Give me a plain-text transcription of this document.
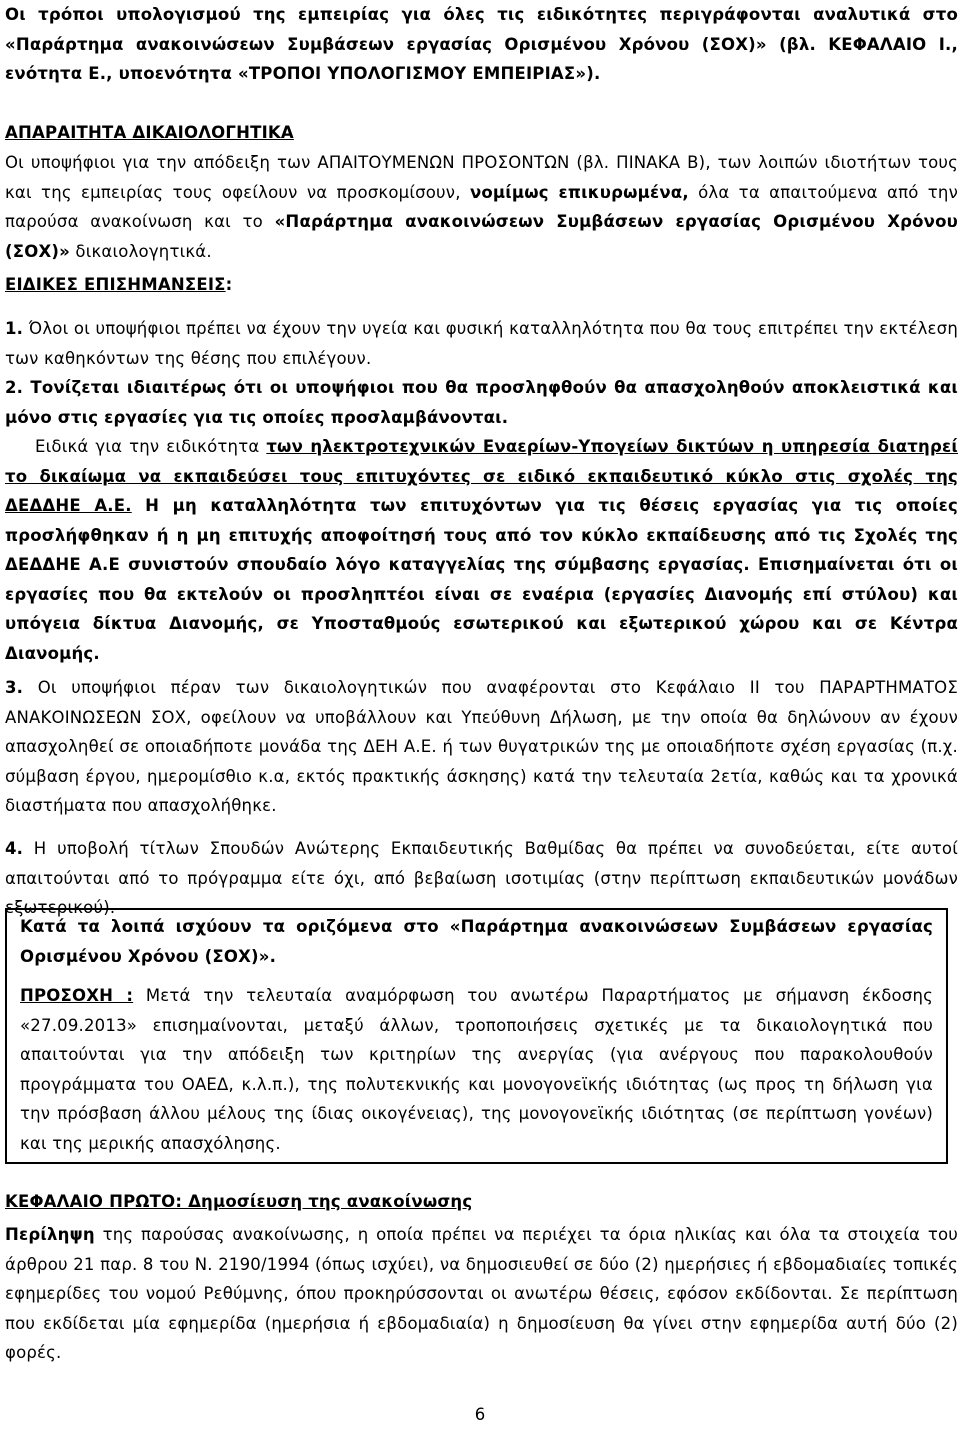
Οι τρόποι υπολογισμού της εμπειρίας για όλες τις ειδικότητες περιγράφονται αναλυτικά στο «Παράρτημα ανακοινώσεων Συμβάσεων εργασίας Ορισμένου Χρόνου (ΣΟΧ)» (βλ. ΚΕΦΑΛΑΙΟ Ι., ενότητα Ε., υποενότητα «ΤΡΟΠΟΙ ΥΠΟΛΟΓΙΣΜΟΥ ΕΜΠΕΙΡΙΑΣ»).

ΑΠΑΡΑΙΤΗΤΑ ΔΙΚΑΙΟΛΟΓΗΤΙΚΑ

Οι υποψήφιοι για την απόδειξη των ΑΠΑΙΤΟΥΜΕΝΩΝ ΠΡΟΣΟΝΤΩΝ (βλ. ΠΙΝΑΚΑ Β), των λοιπών ιδιοτήτων τους και της εμπειρίας τους οφείλουν να προσκομίσουν, νομίμως επικυρωμένα, όλα τα απαιτούμενα από την παρούσα ανακοίνωση και το «Παράρτημα ανακοινώσεων Συμβάσεων εργασίας Ορισμένου Χρόνου (ΣΟΧ)» δικαιολογητικά.

ΕΙΔΙΚΕΣ ΕΠΙΣΗΜΑΝΣΕΙΣ:

1. Όλοι οι υποψήφιοι πρέπει να έχουν την υγεία και φυσική καταλληλότητα που θα τους επιτρέπει την εκτέλεση των καθηκόντων της θέσης που επιλέγουν.

2. Τονίζεται ιδιαιτέρως ότι οι υποψήφιοι που θα προσληφθούν θα απασχοληθούν αποκλειστικά και μόνο στις εργασίες για τις οποίες προσλαμβάνονται.

Ειδικά για την ειδικότητα των ηλεκτροτεχνικών Εναερίων-Υπογείων δικτύων η υπηρεσία διατηρεί το δικαίωμα να εκπαιδεύσει τους επιτυχόντες σε ειδικό εκπαιδευτικό κύκλο στις σχολές της ΔΕΔΔΗΕ Α.Ε. Η μη καταλληλότητα των επιτυχόντων για τις θέσεις εργασίας για τις οποίες προσλήφθηκαν ή η μη επιτυχής αποφοίτησή τους από τον κύκλο εκπαίδευσης από τις Σχολές της ΔΕΔΔΗΕ Α.Ε συνιστούν σπουδαίο λόγο καταγγελίας της σύμβασης εργασίας. Επισημαίνεται ότι οι εργασίες που θα εκτελούν οι προσληπτέοι είναι σε εναέρια (εργασίες Διανομής επί στύλου) και υπόγεια δίκτυα Διανομής, σε Υποσταθμούς εσωτερικού και εξωτερικού χώρου και σε Κέντρα Διανομής.

3. Οι υποψήφιοι πέραν των δικαιολογητικών που αναφέρονται στο Κεφάλαιο ΙΙ του ΠΑΡΑΡΤΗΜΑΤΟΣ ΑΝΑΚΟΙΝΩΣΕΩΝ ΣΟΧ, οφείλουν να υποβάλλουν και Υπεύθυνη Δήλωση, με την οποία θα δηλώνουν αν έχουν απασχοληθεί σε οποιαδήποτε μονάδα της ΔΕΗ Α.Ε. ή των θυγατρικών της με οποιαδήποτε σχέση εργασίας (π.χ. σύμβαση έργου, ημερομίσθιο κ.α, εκτός πρακτικής άσκησης) κατά την τελευταία 2ετία, καθώς και τα χρονικά διαστήματα που απασχολήθηκε.

4. Η υποβολή τίτλων Σπουδών Ανώτερης Εκπαιδευτικής Βαθμίδας θα πρέπει να συνοδεύεται, είτε αυτοί απαιτούνται από το πρόγραμμα είτε όχι, από βεβαίωση ισοτιμίας (στην περίπτωση εκπαιδευτικών μονάδων εξωτερικού).

Κατά τα λοιπά ισχύουν τα οριζόμενα στο «Παράρτημα ανακοινώσεων Συμβάσεων εργασίας Ορισμένου Χρόνου (ΣΟΧ)».

ΠΡΟΣΟΧΗ : Μετά την τελευταία αναμόρφωση του ανωτέρω Παραρτήματος με σήμανση έκδοσης «27.09.2013» επισημαίνονται, μεταξύ άλλων, τροποποιήσεις σχετικές με τα δικαιολογητικά που απαιτούνται για την απόδειξη των κριτηρίων της ανεργίας (για ανέργους που παρακολουθούν προγράμματα του ΟΑΕΔ, κ.λ.π.), της πολυτεκνικής και μονογονεϊκής ιδιότητας (ως προς τη δήλωση για την πρόσβαση άλλου μέλους της ίδιας οικογένειας), της μονογονεϊκής ιδιότητας (σε περίπτωση γονέων) και της μερικής απασχόλησης.

ΚΕΦΑΛΑΙΟ ΠΡΩΤΟ: Δημοσίευση της ανακοίνωσης

Περίληψη της παρούσας ανακοίνωσης, η οποία πρέπει να περιέχει τα όρια ηλικίας και όλα τα στοιχεία του άρθρου 21 παρ. 8 του Ν. 2190/1994 (όπως ισχύει), να δημοσιευθεί σε δύο (2) ημερήσιες ή εβδομαδιαίες τοπικές εφημερίδες του νομού Ρεθύμνης, όπου προκηρύσσονται οι ανωτέρω θέσεις, εφόσον εκδίδονται. Σε περίπτωση που εκδίδεται μία εφημερίδα (ημερήσια ή εβδομαδιαία) η δημοσίευση θα γίνει στην εφημερίδα αυτή δύο (2) φορές.

6
